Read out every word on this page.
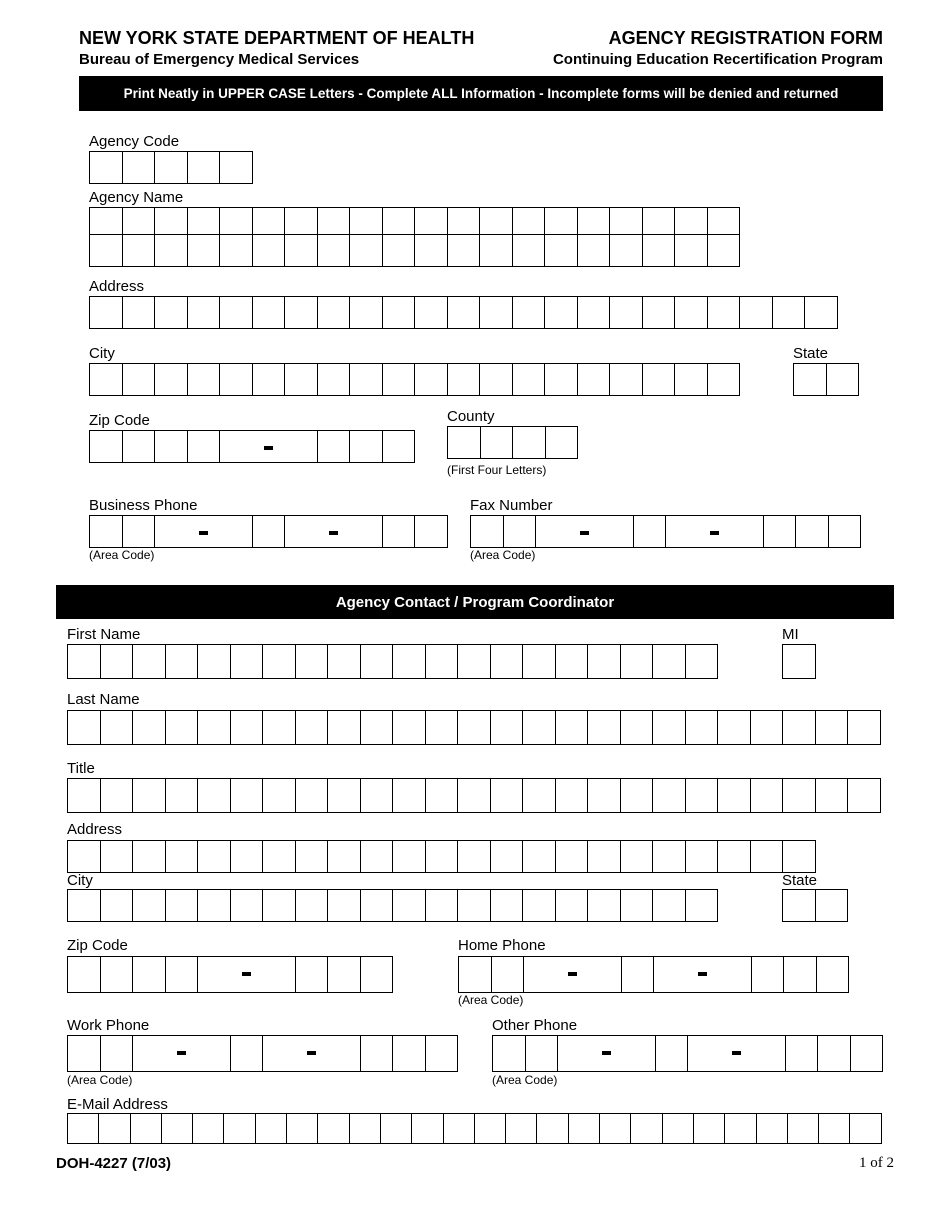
NEW YORK STATE DEPARTMENT OF HEALTH
Bureau of Emergency Medical Services
AGENCY REGISTRATION FORM
Continuing Education Recertification Program
Print Neatly in UPPER CASE Letters - Complete ALL Information - Incomplete forms will be denied and returned
Agency Code
Agency Name
Address
City	State
Zip Code	County
(First Four Letters)
Business Phone
(Area Code)
Fax Number
(Area Code)
Agency Contact / Program Coordinator
First Name	MI
Last Name
Title
Address
City	State
Zip Code	Home Phone
(Area Code)
Work Phone
(Area Code)
Other Phone
(Area Code)
E-Mail Address
DOH-4227 (7/03)	1 of 2
